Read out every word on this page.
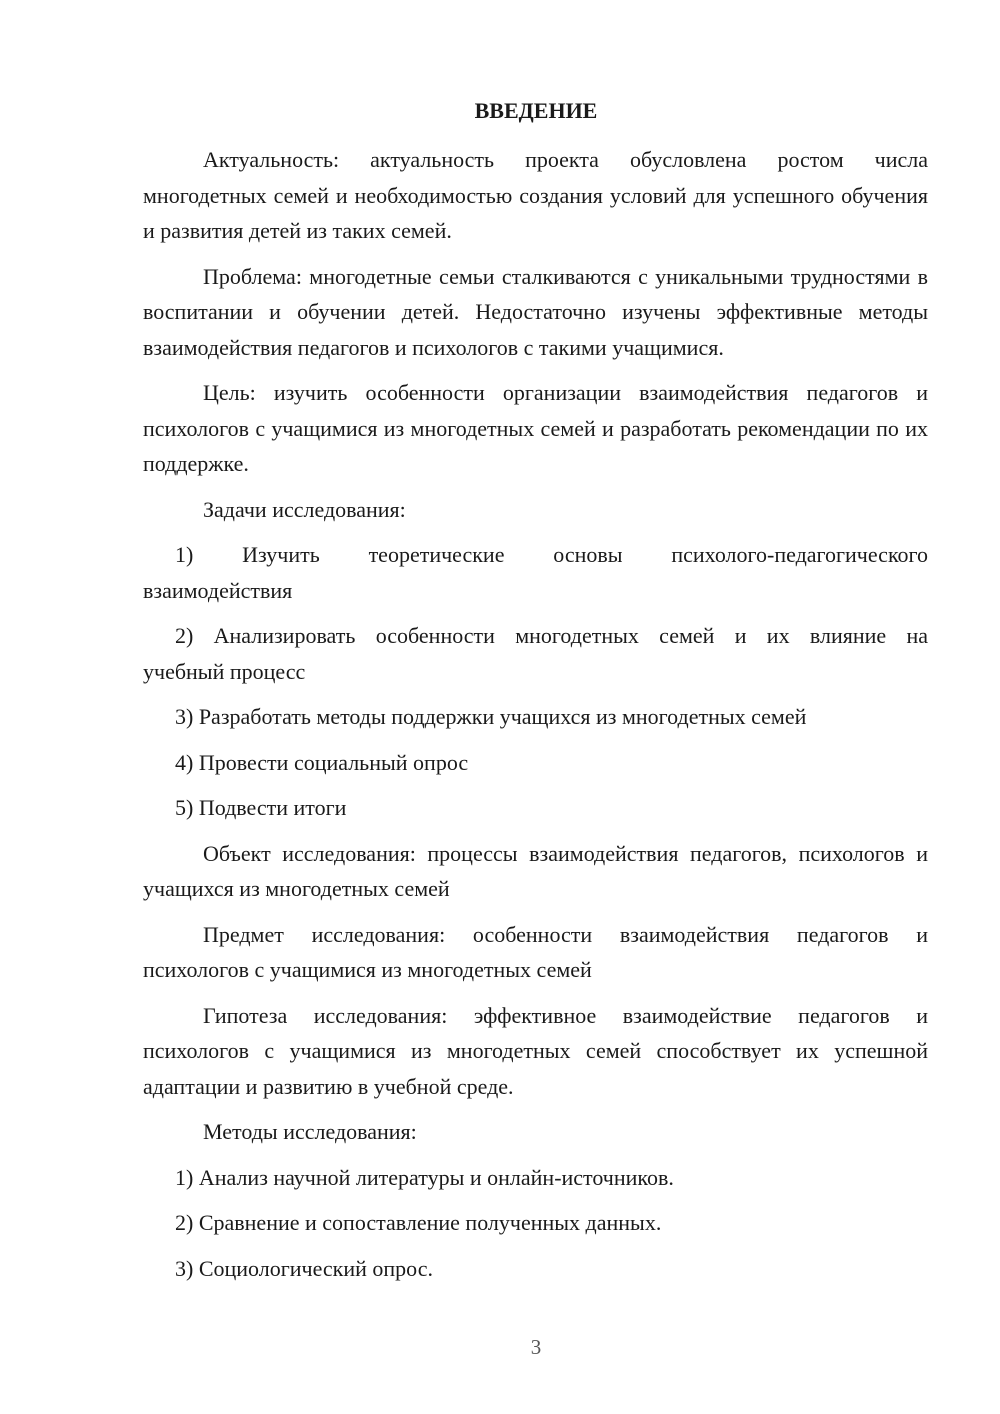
ВВЕДЕНИЕ

Актуальность: актуальность проекта обусловлена ростом числа многодетных семей и необходимостью создания условий для успешного обучения и развития детей из таких семей.

Проблема: многодетные семьи сталкиваются с уникальными трудностями в воспитании и обучении детей. Недостаточно изучены эффективные методы взаимодействия педагогов и психологов с такими учащимися.

Цель: изучить особенности организации взаимодействия педагогов и психологов с учащимися из многодетных семей и разработать рекомендации по их поддержке.

Задачи исследования:

1) Изучить теоретические основы психолого-педагогического

взаимодействия

2) Анализировать особенности многодетных семей и их влияние на

учебный процесс

3) Разработать методы поддержки учащихся из многодетных семей

4) Провести социальный опрос

5) Подвести итоги

Объект исследования: процессы взаимодействия педагогов, психологов и учащихся из многодетных семей

Предмет исследования: особенности взаимодействия педагогов и психологов с учащимися из многодетных семей

Гипотеза исследования: эффективное взаимодействие педагогов и психологов с учащимися из многодетных семей способствует их успешной адаптации и развитию в учебной среде.

Методы исследования:

1) Анализ научной литературы и онлайн-источников.

2) Сравнение и сопоставление полученных данных.

3) Социологический опрос.

3
